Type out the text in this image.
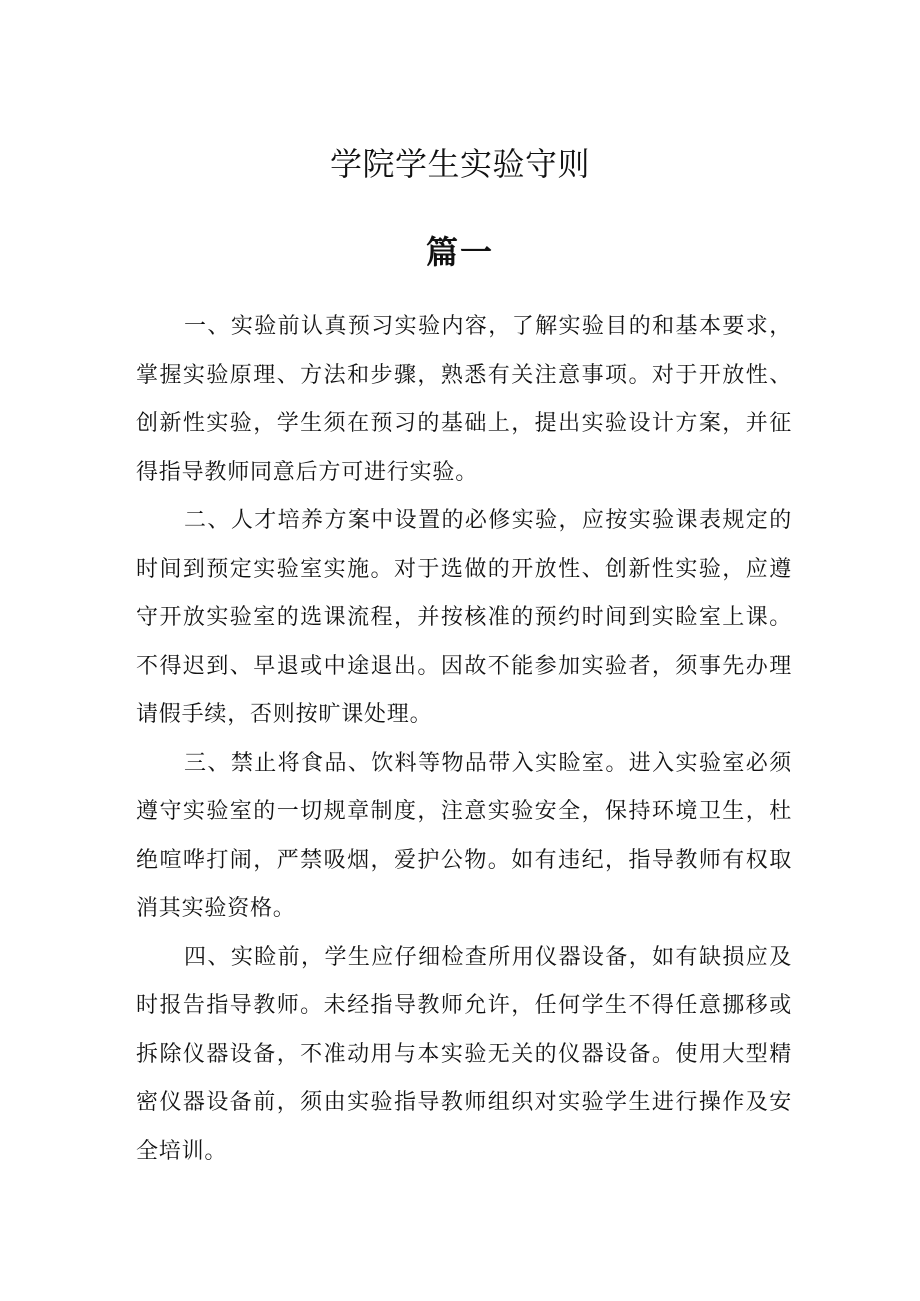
学院学生实验守则
篇一

一、实验前认真预习实验内容，了解实验目的和基本要求，掌握实验原理、方法和步骤，熟悉有关注意事项。对于开放性、创新性实验，学生须在预习的基础上，提出实验设计方案，并征得指导教师同意后方可进行实验。

二、人才培养方案中设置的必修实验，应按实验课表规定的时间到预定实验室实施。对于选做的开放性、创新性实验，应遵守开放实验室的选课流程，并按核准的预约时间到实睑室上课。不得迟到、早退或中途退出。因故不能参加实验者，须事先办理请假手续，否则按旷课处理。

三、禁止将食品、饮料等物品带入实睑室。进入实验室必须遵守实验室的一切规章制度，注意实验安全，保持环境卫生，杜绝喧哗打闹，严禁吸烟，爱护公物。如有违纪，指导教师有权取消其实验资格。

四、实睑前，学生应仔细检查所用仪器设备，如有缺损应及时报告指导教师。未经指导教师允许，任何学生不得任意挪移或拆除仪器设备，不准动用与本实验无关的仪器设备。使用大型精密仪器设备前，须由实验指导教师组织对实验学生进行操作及安全培训。
